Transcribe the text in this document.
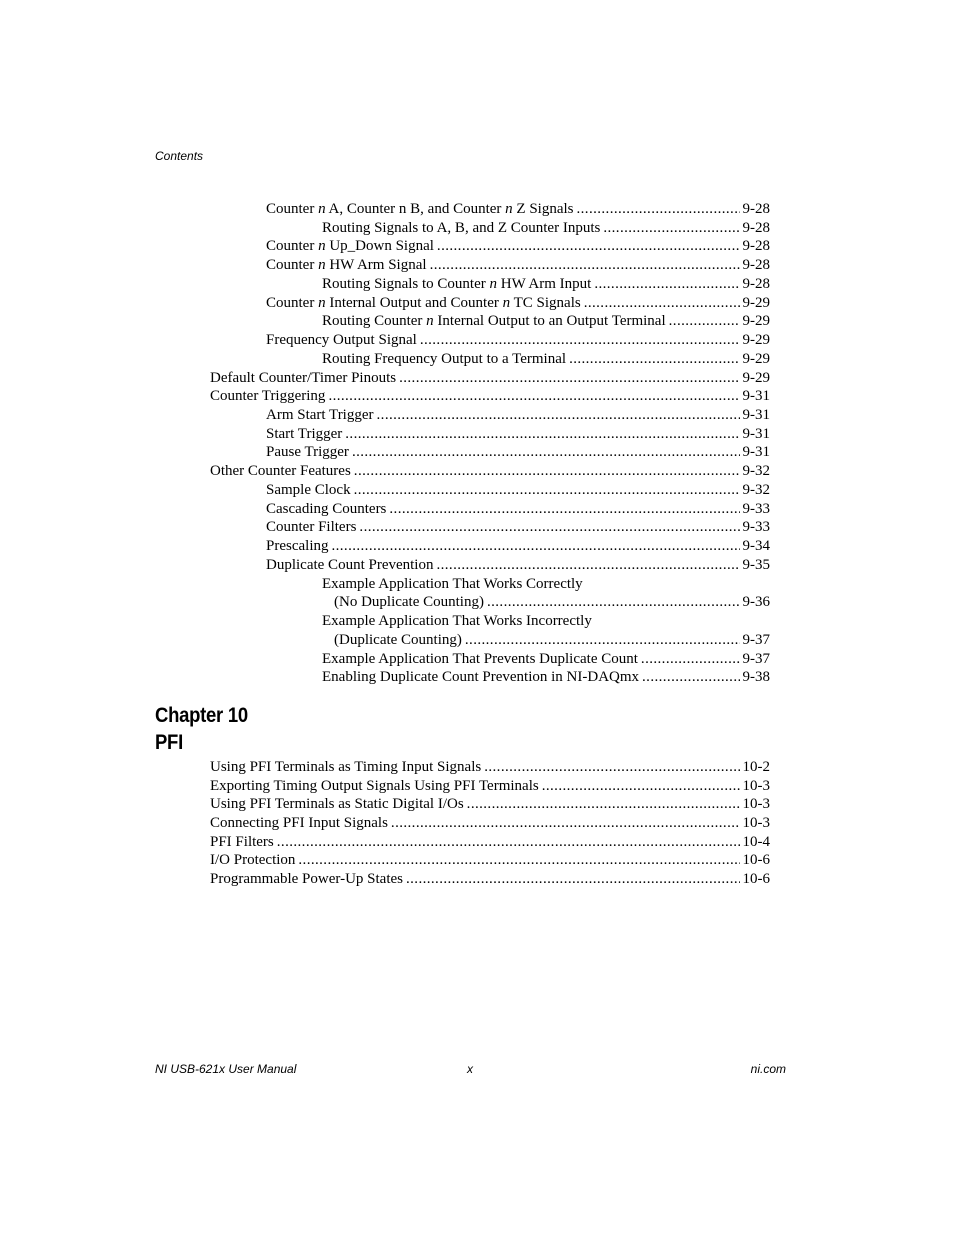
Contents
Counter n A, Counter n B, and Counter n Z Signals .....	9-28
Routing Signals to A, B, and Z Counter Inputs .....	9-28
Counter n Up_Down Signal .....	9-28
Counter n HW Arm Signal .....	9-28
Routing Signals to Counter n HW Arm Input .....	9-28
Counter n Internal Output and Counter n TC Signals .....	9-29
Routing Counter n Internal Output to an Output Terminal .....	9-29
Frequency Output Signal .....	9-29
Routing Frequency Output to a Terminal .....	9-29
Default Counter/Timer Pinouts .....	9-29
Counter Triggering .....	9-31
Arm Start Trigger .....	9-31
Start Trigger .....	9-31
Pause Trigger .....	9-31
Other Counter Features .....	9-32
Sample Clock .....	9-32
Cascading Counters .....	9-33
Counter Filters .....	9-33
Prescaling .....	9-34
Duplicate Count Prevention .....	9-35
Example Application That Works Correctly
(No Duplicate Counting) .....	9-36
Example Application That Works Incorrectly
(Duplicate Counting) .....	9-37
Example Application That Prevents Duplicate Count .....	9-37
Enabling Duplicate Count Prevention in NI-DAQmx .....	9-38
Chapter 10
PFI
Using PFI Terminals as Timing Input Signals .....	10-2
Exporting Timing Output Signals Using PFI Terminals .....	10-3
Using PFI Terminals as Static Digital I/Os .....	10-3
Connecting PFI Input Signals .....	10-3
PFI Filters .....	10-4
I/O Protection .....	10-6
Programmable Power-Up States .....	10-6
NI USB-621x User Manual	x	ni.com
